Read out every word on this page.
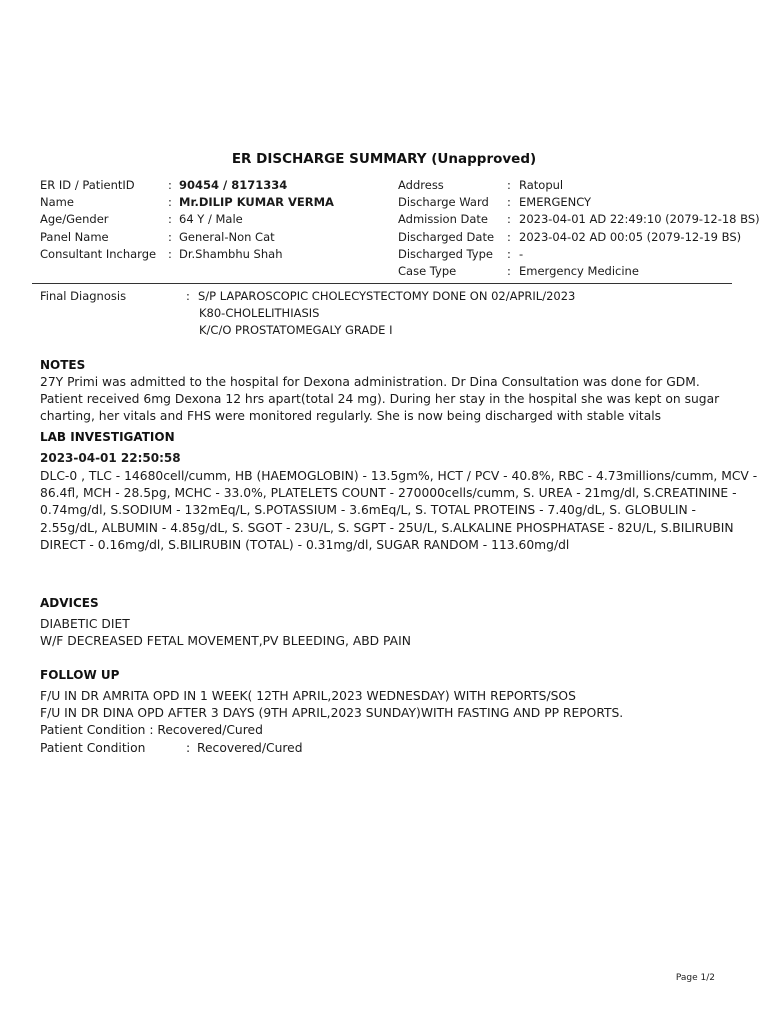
ER DISCHARGE SUMMARY (Unapproved)
ER ID / PatientID	: 90454 / 8171334
Name	: Mr.DILIP KUMAR VERMA
Age/Gender	: 64 Y / Male
Panel Name	: General-Non Cat
Consultant Incharge : Dr.Shambhu Shah
Address	: Ratopul
Discharge Ward : EMERGENCY
Admission Date : 2023-04-01 AD 22:49:10 (2079-12-18 BS)
Discharged Date : 2023-04-02 AD 00:05 (2079-12-19 BS)
Discharged Type : -
Case Type	: Emergency Medicine
Final Diagnosis	: S/P LAPAROSCOPIC CHOLECYSTECTOMY DONE ON 02/APRIL/2023
K80-CHOLELITHIASIS
K/C/O PROSTATOMEGALY GRADE I
NOTES
27Y Primi was admitted to the hospital for Dexona administration. Dr Dina Consultation was done for GDM.
Patient received 6mg Dexona 12 hrs apart(total 24 mg). During her stay in the hospital she was kept on sugar
charting, her vitals and FHS were monitored regularly. She is now being discharged with stable vitals
LAB INVESTIGATION
2023-04-01 22:50:58
DLC-0 , TLC - 14680cell/cumm, HB (HAEMOGLOBIN) - 13.5gm%, HCT / PCV - 40.8%, RBC - 4.73millions/cumm, MCV -
86.4fl, MCH - 28.5pg, MCHC - 33.0%, PLATELETS COUNT - 270000cells/cumm, S. UREA - 21mg/dl, S.CREATININE -
0.74mg/dl, S.SODIUM - 132mEq/L, S.POTASSIUM - 3.6mEq/L, S. TOTAL PROTEINS - 7.40g/dL, S. GLOBULIN -
2.55g/dL, ALBUMIN - 4.85g/dL, S. SGOT - 23U/L, S. SGPT - 25U/L, S.ALKALINE PHOSPHATASE - 82U/L, S.BILIRUBIN
DIRECT - 0.16mg/dl, S.BILIRUBIN (TOTAL) - 0.31mg/dl, SUGAR RANDOM - 113.60mg/dl
ADVICES
DIABETIC DIET
W/F DECREASED FETAL MOVEMENT,PV BLEEDING, ABD PAIN
FOLLOW UP
F/U IN DR AMRITA OPD IN 1 WEEK( 12TH APRIL,2023 WEDNESDAY) WITH REPORTS/SOS
F/U IN DR DINA OPD AFTER 3 DAYS (9TH APRIL,2023 SUNDAY)WITH FASTING AND PP REPORTS.
Patient Condition : Recovered/Cured
Patient Condition	: Recovered/Cured
Page 1/2
